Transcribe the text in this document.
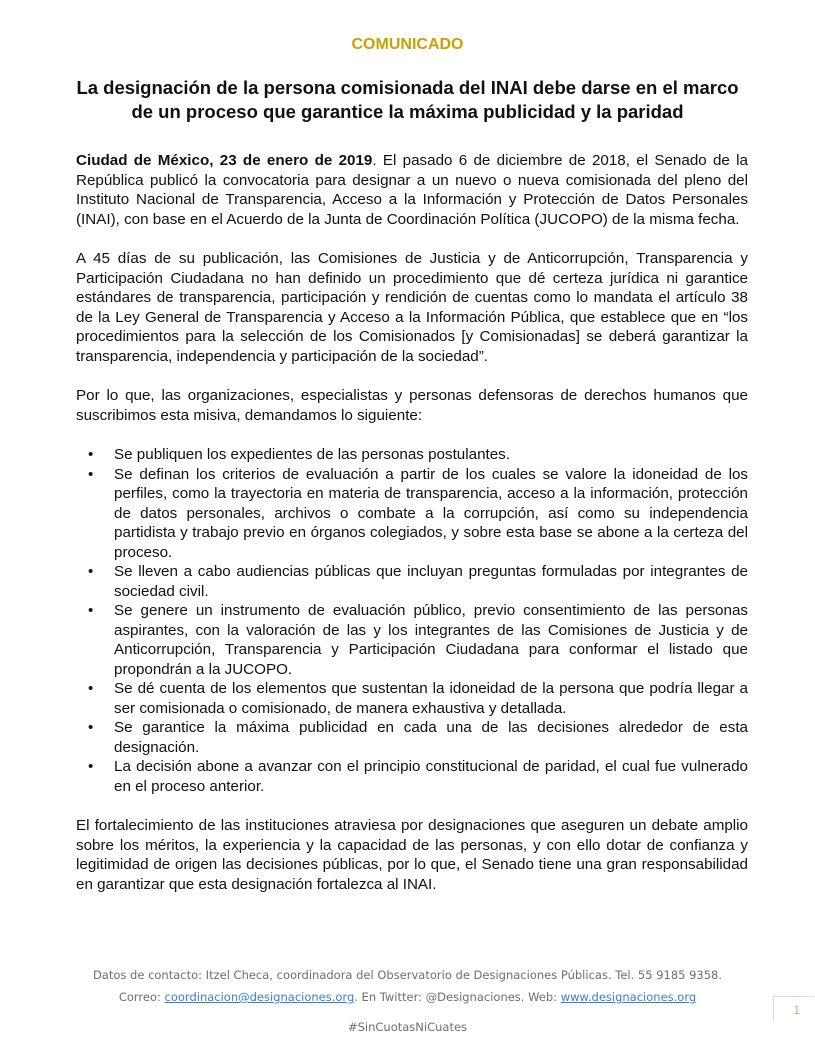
COMUNICADO
La designación de la persona comisionada del INAI debe darse en el marco
de un proceso que garantice la máxima publicidad y la paridad

Ciudad de México, 23 de enero de 2019. El pasado 6 de diciembre de 2018, el Senado de la República publicó la convocatoria para designar a un nuevo o nueva comisionada del pleno del Instituto Nacional de Transparencia, Acceso a la Información y Protección de Datos Personales (INAI), con base en el Acuerdo de la Junta de Coordinación Política (JUCOPO) de la misma fecha.

A 45 días de su publicación, las Comisiones de Justicia y de Anticorrupción, Transparencia y Participación Ciudadana no han definido un procedimiento que dé certeza jurídica ni garantice estándares de transparencia, participación y rendición de cuentas como lo mandata el artículo 38 de la Ley General de Transparencia y Acceso a la Información Pública, que establece que en “los procedimientos para la selección de los Comisionados [y Comisionadas] se deberá garantizar la transparencia, independencia y participación de la sociedad”.

Por lo que, las organizaciones, especialistas y personas defensoras de derechos humanos que suscribimos esta misiva, demandamos lo siguiente:

• Se publiquen los expedientes de las personas postulantes.
• Se definan los criterios de evaluación a partir de los cuales se valore la idoneidad de los perfiles, como la trayectoria en materia de transparencia, acceso a la información, protección de datos personales, archivos o combate a la corrupción, así como su independencia partidista y trabajo previo en órganos colegiados, y sobre esta base se abone a la certeza del proceso.
• Se lleven a cabo audiencias públicas que incluyan preguntas formuladas por integrantes de sociedad civil.
• Se genere un instrumento de evaluación público, previo consentimiento de las personas aspirantes, con la valoración de las y los integrantes de las Comisiones de Justicia y de Anticorrupción, Transparencia y Participación Ciudadana para conformar el listado que propondrán a la JUCOPO.
• Se dé cuenta de los elementos que sustentan la idoneidad de la persona que podría llegar a ser comisionada o comisionado, de manera exhaustiva y detallada.
• Se garantice la máxima publicidad en cada una de las decisiones alrededor de esta designación.
• La decisión abone a avanzar con el principio constitucional de paridad, el cual fue vulnerado en el proceso anterior.

El fortalecimiento de las instituciones atraviesa por designaciones que aseguren un debate amplio sobre los méritos, la experiencia y la capacidad de las personas, y con ello dotar de confianza y legitimidad de origen las decisiones públicas, por lo que, el Senado tiene una gran responsabilidad en garantizar que esta designación fortalezca al INAI.

Datos de contacto: Itzel Checa, coordinadora del Observatorio de Designaciones Públicas. Tel. 55 9185 9358.
Correo: coordinacion@designaciones.org. En Twitter: @Designaciones. Web: www.designaciones.org
1
#SinCuotasNiCuates
